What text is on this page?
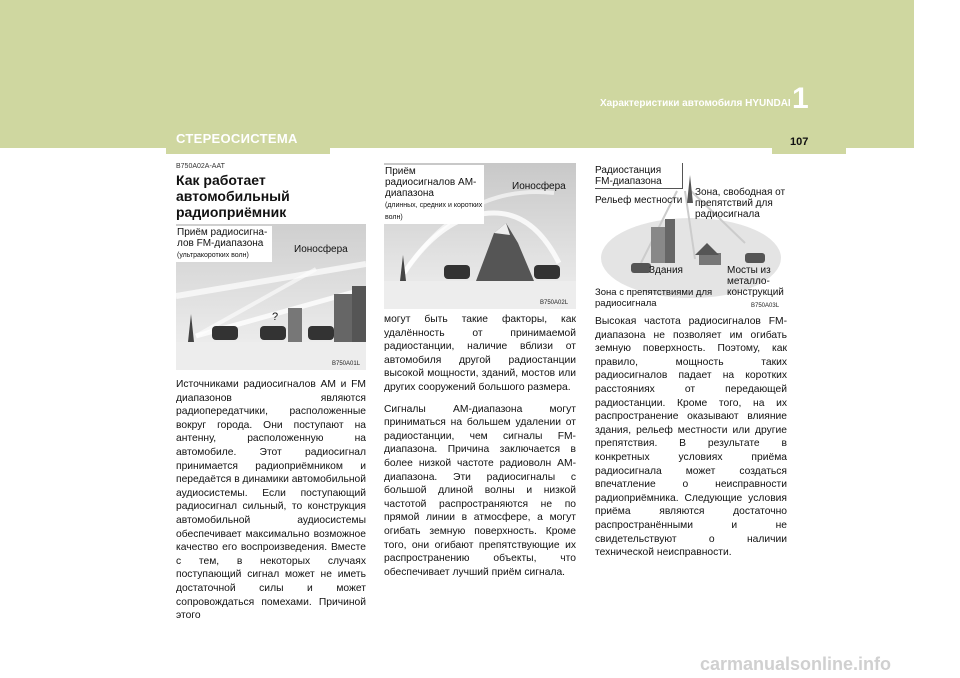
СТЕРЕОСИСТЕМА
Характеристики автомобиля HYUNDAI 1
107
B750A02A-AAT
Как работает автомобильный радиоприёмник
?
Приём радиосигна-лов FM-диапазона
(ультракоротких волн)
Ионосфера
B750A01L

Источниками радиосигналов AM и FM диапазонов являются радиопередатчики, расположенные вокруг города. Они поступают на антенну, расположенную на автомобиле. Этот радиосигнал принимается радиоприёмником и передаётся в динамики автомобильной аудиосистемы. Если поступающий радиосигнал сильный, то конструкция автомобильной аудиосистемы обеспечивает максимально возможное качество его воспроизведения. Вместе с тем, в некоторых случаях поступающий сигнал может не иметь достаточной силы и может сопровождаться помехами. Причиной этого

Приём радиосигналов AM-диапазона
(длинных, средних и коротких волн)
Ионосфера
B750A02L

могут быть такие факторы, как удалённость от принимаемой радиостанции, наличие вблизи от автомобиля другой радиостанции высокой мощности, зданий, мостов или других сооружений большого размера.

Сигналы AM-диапазона могут приниматься на большем удалении от радиостанции, чем сигналы FM-диапазона. Причина заключается в более низкой частоте радиоволн AM-диапазона. Эти радиосигналы с большой длиной волны и низкой частотой распространяются не по прямой линии в атмосфере, а могут огибать земную поверхность. Кроме того, они огибают препятствующие их распространению объекты, что обеспечивает лучший приём сигнала.

Радиостанция FM-диапазона
Рельеф местности
Зона, свободная от препятствий для радиосигнала
Здания	Мосты из металло-конструкций
Зона с препятствиями для радиосигнала	B750A03L

Высокая частота радиосигналов FM-диапазона не позволяет им огибать земную поверхность. Поэтому, как правило, мощность таких радиосигналов падает на коротких расстояниях от передающей радиостанции. Кроме того, на их распространение оказывают влияние здания, рельеф местности или другие препятствия. В результате в конкретных условиях приёма радиосигнала может создаться впечатление о неисправности радиоприёмника. Следующие условия приёма являются достаточно распространёнными и не свидетельствуют о наличии технической неисправности.

carmanualsonline.info
